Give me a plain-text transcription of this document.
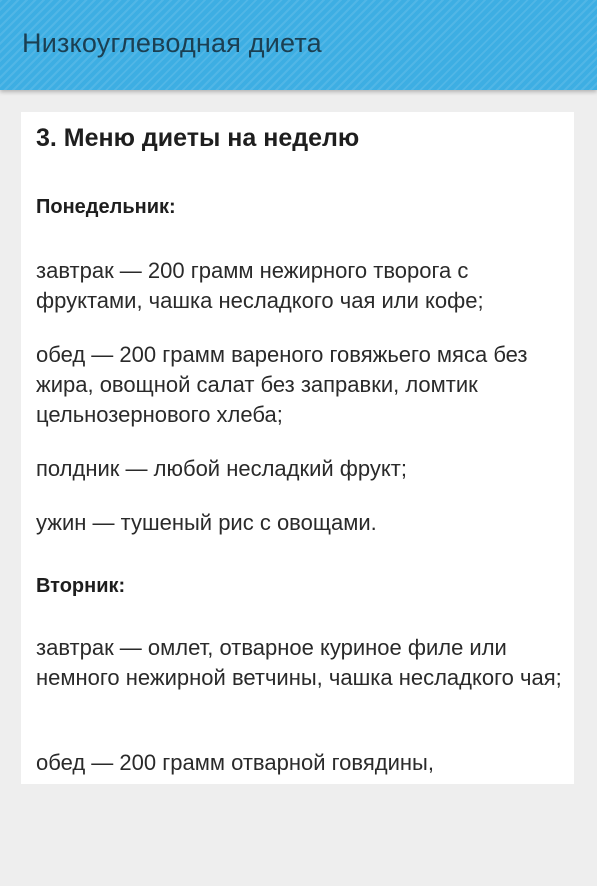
Низкоуглеводная диета
3. Меню диеты на неделю
Понедельник:
завтрак — 200 грамм нежирного творога с фруктами, чашка несладкого чая или кофе;
обед — 200 грамм вареного говяжьего мяса без жира, овощной салат без заправки, ломтик цельнозернового хлеба;
полдник — любой несладкий фрукт;
ужин — тушеный рис с овощами.
Вторник:
завтрак — омлет, отварное куриное филе или немного нежирной ветчины, чашка несладкого чая;
обед — 200 грамм отварной говядины,
